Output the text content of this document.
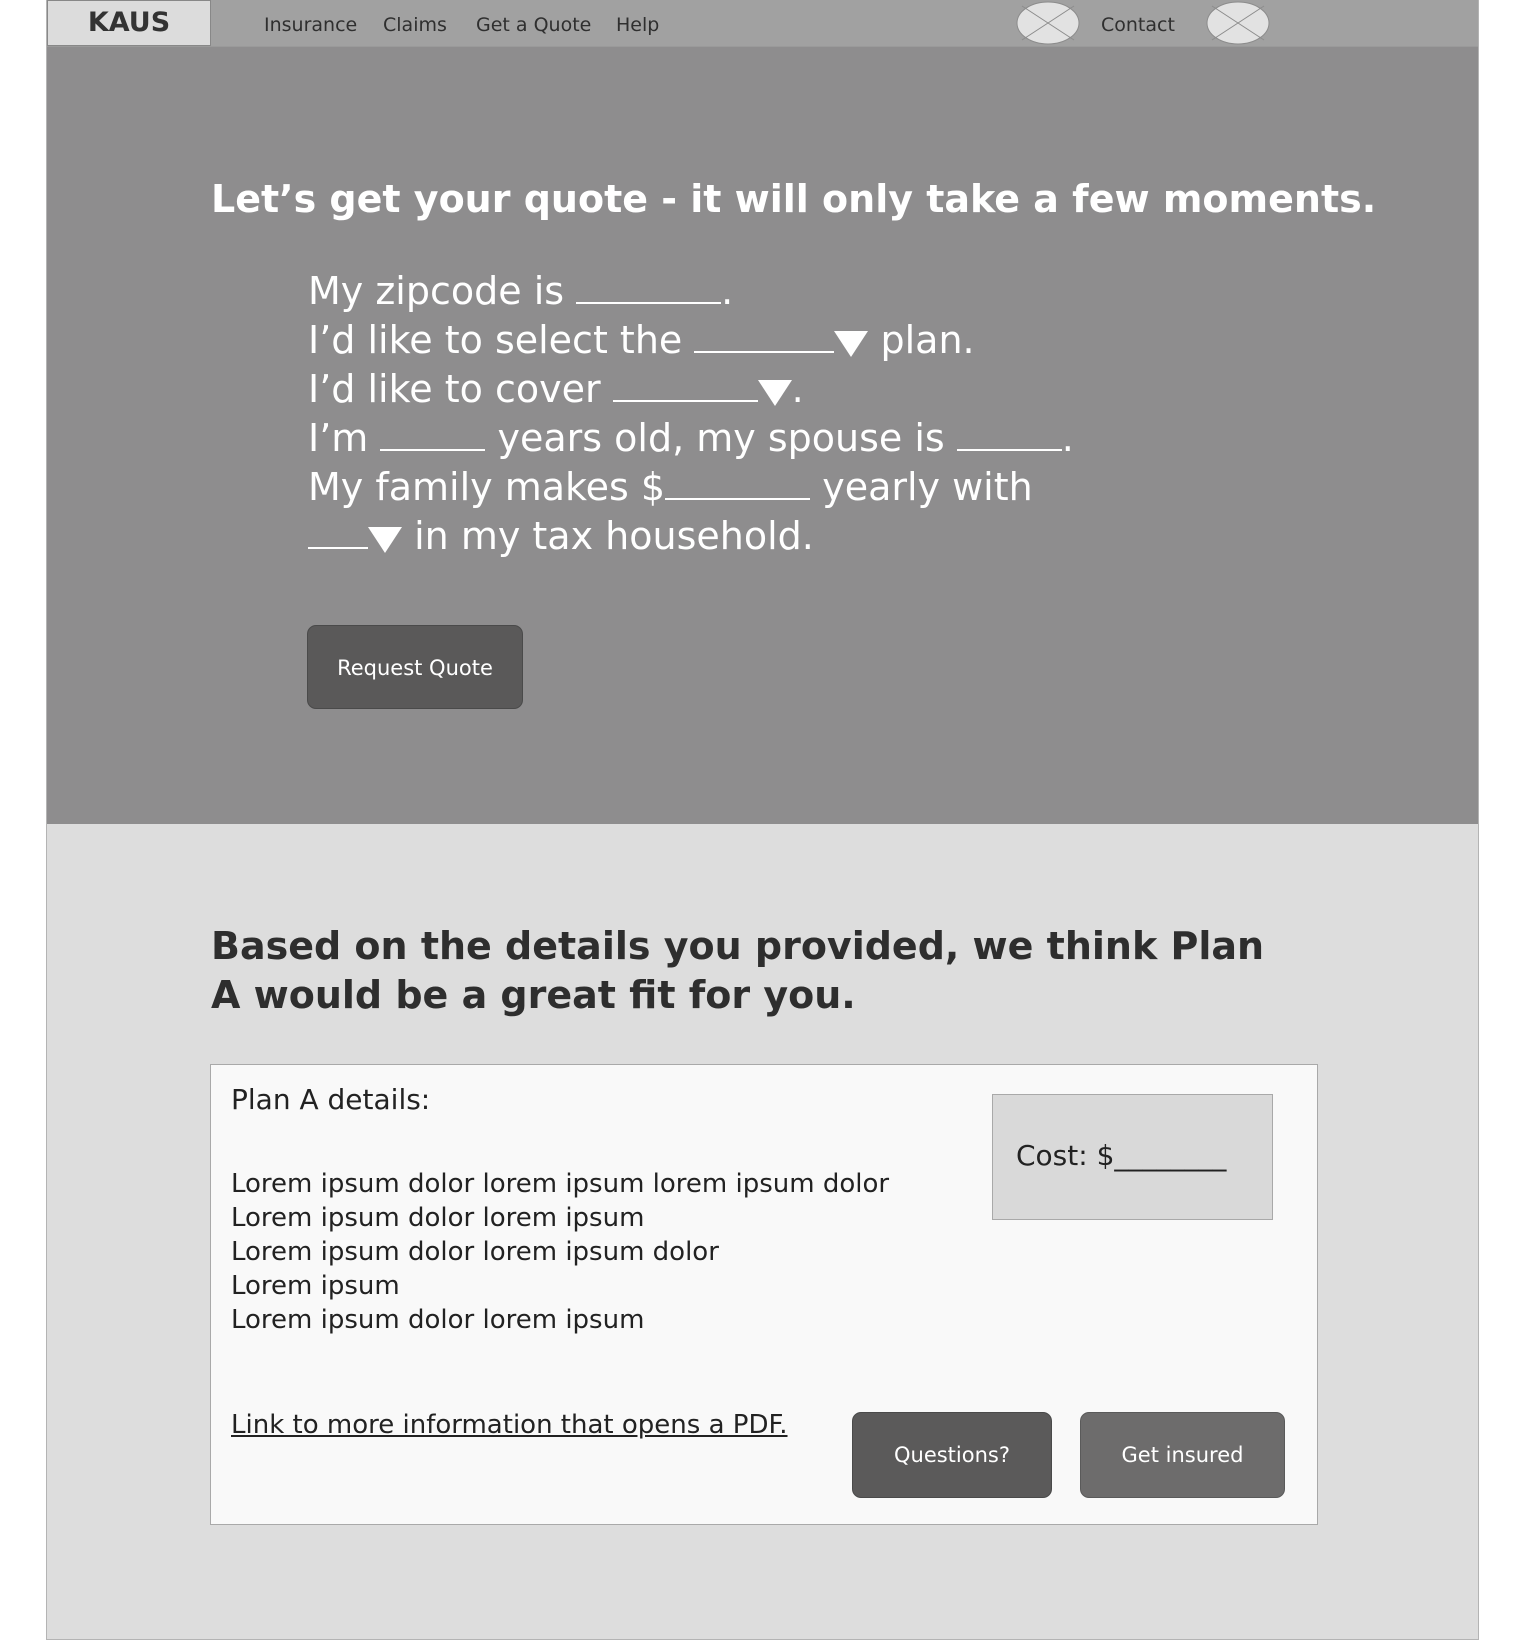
KAUS	Insurance Claims Get a Quote Help	Contact
Let’s get your quote - it will only take a few moments.
My zipcode is	.
I’d like to select the	plan.
I’d like to cover	.
I’m	years old, my spouse is	.
My family makes $	yearly with
in my tax household.
Request Quote
Based on the details you provided, we think Plan A would be a great fit for you.
Plan A details:
Lorem ipsum dolor lorem ipsum lorem ipsum dolor
Lorem ipsum dolor lorem ipsum
Lorem ipsum dolor lorem ipsum dolor
Lorem ipsum
Lorem ipsum dolor lorem ipsum
Cost: $________
Link to more information that opens a PDF.
Questions?	Get insured
